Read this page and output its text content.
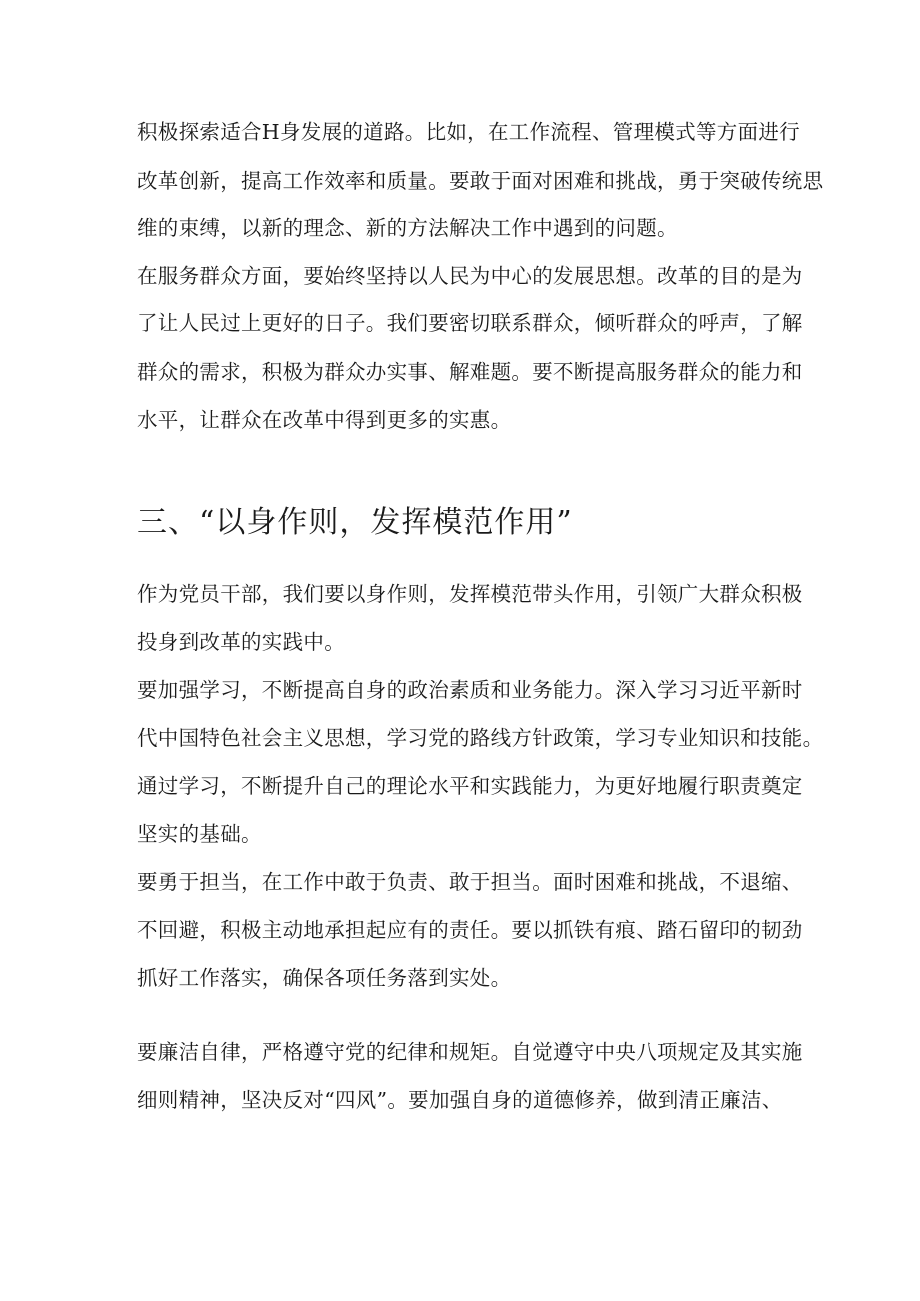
积极探索适合H身发展的道路。比如，在工作流程、管理模式等方面进行
改革创新，提高工作效率和质量。要敢于面对困难和挑战，勇于突破传统思
维的束缚，以新的理念、新的方法解决工作中遇到的问题。
在服务群众方面，要始终坚持以人民为中心的发展思想。改革的目的是为
了让人民过上更好的日子。我们要密切联系群众，倾听群众的呼声，了解
群众的需求，积极为群众办实事、解难题。要不断提高服务群众的能力和
水平，让群众在改革中得到更多的实惠。
三、“以身作则，发挥模范作用”
作为党员干部，我们要以身作则，发挥模范带头作用，引领广大群众积极
投身到改革的实践中。
要加强学习，不断提高自身的政治素质和业务能力。深入学习习近平新时
代中国特色社会主义思想，学习党的路线方针政策，学习专业知识和技能。
通过学习，不断提升自己的理论水平和实践能力，为更好地履行职责奠定
坚实的基础。
要勇于担当，在工作中敢于负责、敢于担当。面时困难和挑战，不退缩、
不回避，积极主动地承担起应有的责任。要以抓铁有痕、踏石留印的韧劲
抓好工作落实，确保各项任务落到实处。
要廉洁自律，严格遵守党的纪律和规矩。自觉遵守中央八项规定及其实施
细则精神，坚决反对“四风”。要加强自身的道德修养，做到清正廉洁、
